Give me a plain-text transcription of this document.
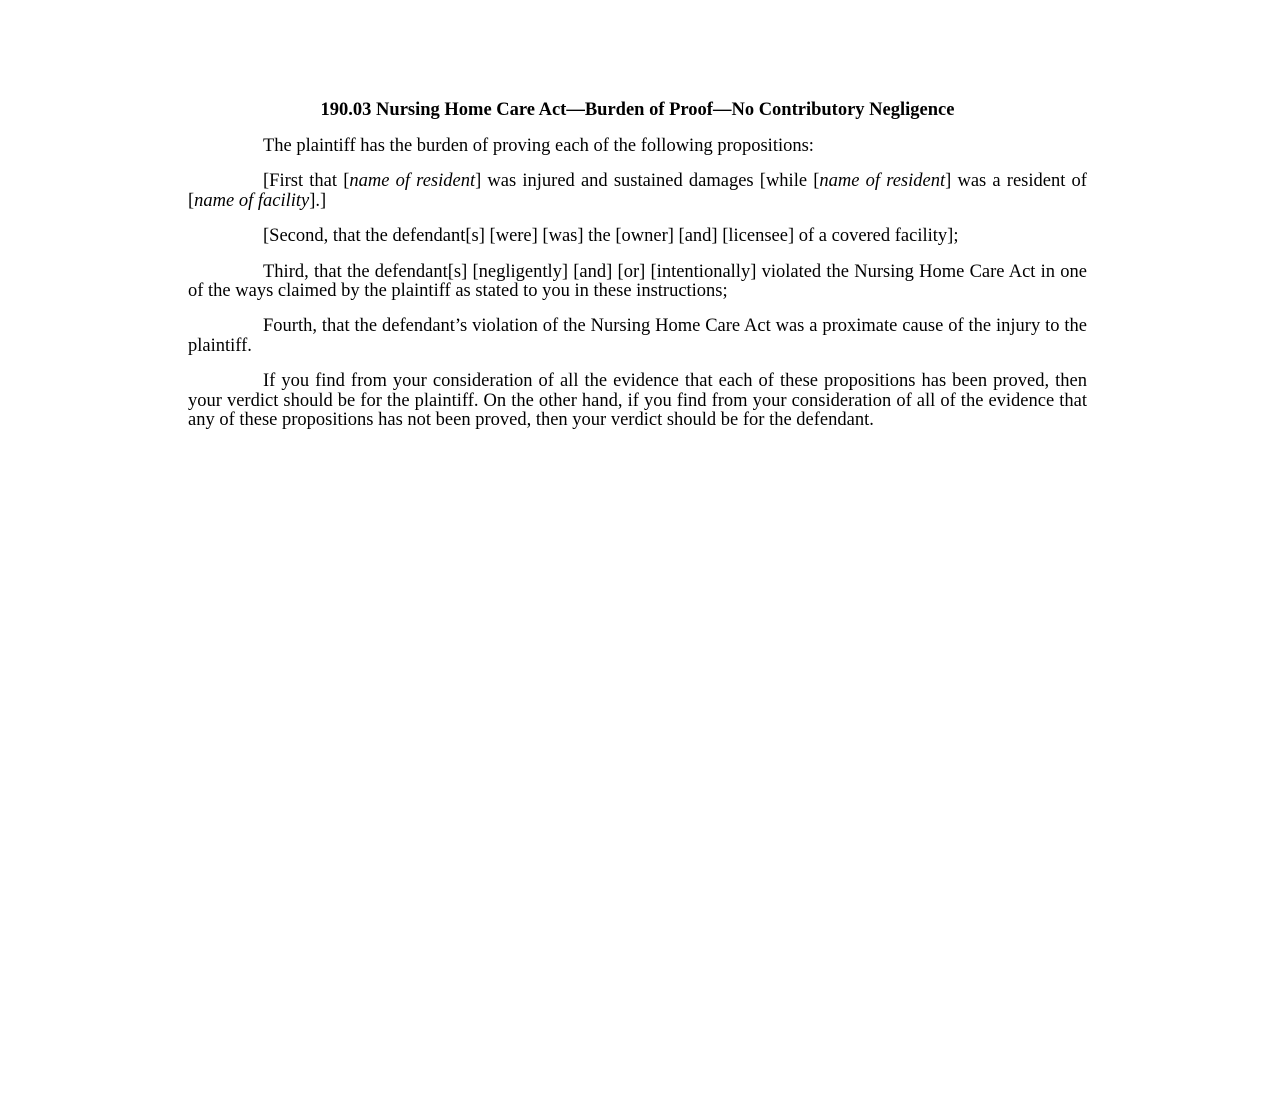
190.03 Nursing Home Care Act—Burden of Proof—No Contributory Negligence

The plaintiff has the burden of proving each of the following propositions:

[First that [name of resident] was injured and sustained damages [while [name of resident] was a resident of [name of facility].]

[Second, that the defendant[s] [were] [was] the [owner] [and] [licensee] of a covered facility];

Third, that the defendant[s] [negligently] [and] [or] [intentionally] violated the Nursing Home Care Act in one of the ways claimed by the plaintiff as stated to you in these instructions;

Fourth, that the defendant’s violation of the Nursing Home Care Act was a proximate cause of the injury to the plaintiff.

If you find from your consideration of all the evidence that each of these propositions has been proved, then your verdict should be for the plaintiff. On the other hand, if you find from your consideration of all of the evidence that any of these propositions has not been proved, then your verdict should be for the defendant.
